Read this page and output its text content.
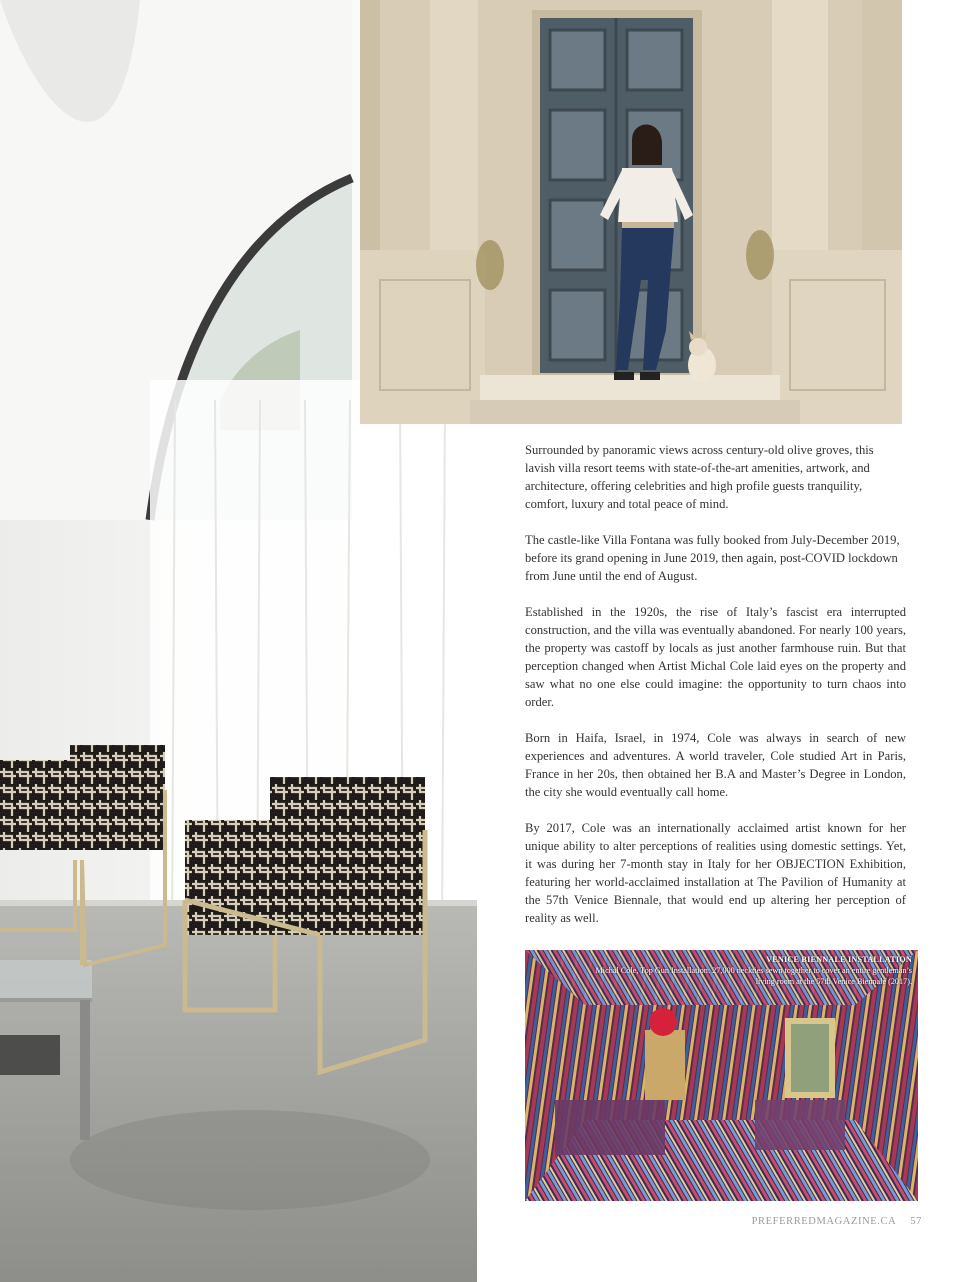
Surrounded by panoramic views across century-old olive groves, this lavish villa resort teems with state-of-the-art amenities, artwork, and architecture, offering celebrities and high profile guests tranquility, comfort, luxury and total peace of mind.

The castle-like Villa Fontana was fully booked from July-December 2019, before its grand opening in June 2019, then again, post-COVID lockdown from June until the end of August.

Established in the 1920s, the rise of Italy’s fascist era interrupted construction, and the villa was eventually abandoned. For nearly 100 years, the property was castoff by locals as just another farmhouse ruin. But that perception changed when Artist Michal Cole laid eyes on the property and saw what no one else could imagine: the opportunity to turn chaos into order.

Born in Haifa, Israel, in 1974, Cole was always in search of new experiences and adventures. A world traveler, Cole studied Art in Paris, France in her 20s, then obtained her B.A and Master’s Degree in London, the city she would eventually call home.

By 2017, Cole was an internationally acclaimed artist known for her unique ability to alter perceptions of realities using domestic settings. Yet, it was during her 7-month stay in Italy for her OBJECTION Exhibition, featuring her world-acclaimed installation at The Pavilion of Humanity at the 57th Venice Biennale, that would end up altering her perception of reality as well.

VENICE BIENNALE INSTALLATION
Michal Cole, Top Gun Installation: 27,000 neckties sewn together to cover an entire gentleman’s living room at the 57th Venice Biennale (2017).
PREFERREDMAGAZINE.CA 57
